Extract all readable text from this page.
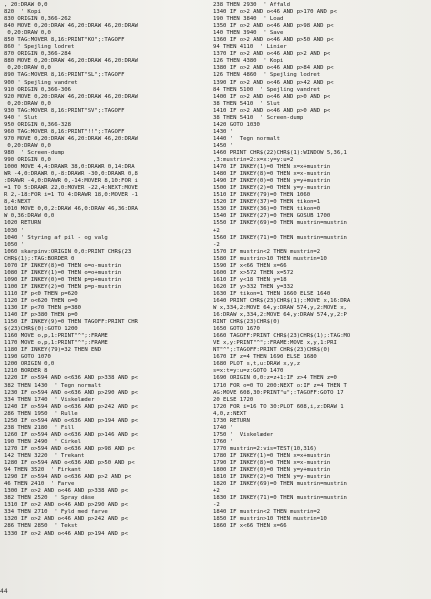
, 20:DRAW 0,0
820  ' Kopi
830 ORIGIN 0,366-262
840 MOVE 0,20:DRAW 46,20:DRAW 46,20:DRAW
0,20:DRAW 0,0
850 TAG:MOVER 8,16:PRINT"KO";:TAGOFF
860 ' Spejling lodret
870 ORIGIN 0,366-284
880 MOVE 0,20:DRAW 46,20:DRAW 46,20:DRAW
0,20:DRAW 0,0
890 TAG:MOVER 8,16:PRINT"SL";:TAGOFF
900 ' Spejling vandret
910 ORIGIN 0,366-306
920 MOVE 0,20:DRAW 46,20:DRAW 46,20:DRAW
0,20:DRAW 0,0
930 TAG:MOVER 8,16:PRINT"SV";:TAGOFF
940 ' Slut
950 ORIGIN 0,366-328
960 TAG:MOVER 8,16:PRINT"!!";:TAGOFF
970 MOVE 0,20:DRAW 46,20:DRAW 46,20:DRAW
0,20:DRAW 0,0
980  ' Screen-dump
990 ORIGIN 0,0
1000 MOVE 4,4:DRAWR 38,0:DRAWR 0,14:DRA
WR -4,0:DRAWR 0,-8:DRAWR -30,0:DRAWR 0,8
:DRAWR -4,0:DRAWR 0,-14:MOVER 8,10:FOR i
=1 TO 5:DRAWR 22,0:MOVER -22,4:NEXT:MOVE
R 2,-18:FOR i=1 TO 4:DRAWR 18,0:MOVER -1
8,4:NEXT
1010 MOVE 0,0,2:DRAW 46,0:DRAW 46,36:DRA
W 0,36:DRAW 0,0
1020 RETURN
1030 '
1040 ' Styring af pil - og valg
1050 '
1060 skarpinv:ORIGIN 0,0:PRINT CHR$(23
CHR$(1);:TAG:BORDER 0
1070 IF INKEY(8)=0 THEN o=o-mustrin
1080 IF INKEY(1)=0 THEN o=o+mustrin
1090 IF INKEY(0)=0 THEN p=p+mustrin
1100 IF INKEY(2)=0 THEN p=p-mustrin
1110 IF p<0 THEN p=620
1120 IF o<620 THEN o=0
1130 IF p<70 THEN p=380
1140 IF p>380 THEN p=0
1150 IF INKEY(9)=0 THEN TAGOFF:PRINT CHR
$(23)CHR$(0):GOTO 1200
1160 MOVE o,p,1:PRINT"^";:FRAME
1170 MOVE o,p,1:PRINT"^";:FRAME
1180 IF INKEY(79)=32 THEN END
1190 GOTO 1070
1200 ORIGIN 0,0
1210 BORDER 8
1220 IF o>594 AND o<636 AND p>338 AND p<
382 THEN 1430  ' Tegn normalt
1230 IF o>594 AND o<636 AND p>290 AND p<
334 THEN 1740  ' Viskelæder
1240 IF o>594 AND o<636 AND p>242 AND p<
286 THEN 1950  ' Rulle
1250 IF o>594 AND o<636 AND p>194 AND p<
238 THEN 2180  ' Fill
1260 IF o>594 AND o<636 AND p>146 AND p<
190 THEN 2490  ' Cirkel
1270 IF o>594 AND o<636 AND p>98 AND p<
142 THEN 3220  ' Trekant
1280 IF o>594 AND o<636 AND p>50 AND p<
94 THEN 3520  ' Firkant
1290 IF o>594 AND o<636 AND p>2 AND p<
46 THEN 2410  ' Farve
1300 IF o>2 AND o<46 AND p>338 AND p<
382 THEN 2520  ' Spray dåse
1310 IF o>2 AND o<46 AND p>290 AND p<
334 THEN 2710  ' Fyld med farve
1320 IF o>2 AND o<46 AND p>242 AND p<
286 THEN 2850  ' Tekst
1330 IF o>2 AND o<46 AND p>194 AND p<
238 THEN 2930  ' Affald
1340 IF o>2 AND o<46 AND p>170 AND p<
190 THEN 3840  ' Load
1350 IF o>2 AND o<46 AND p>98 AND p<
140 THEN 3940  ' Save
1360 IF o>2 AND o<46 AND p>50 AND p<
94 THEN 4110  ' Linier
1370 IF o>2 AND o<46 AND p>2 AND p<
126 THEN 4380  ' Kopi
1380 IF o>2 AND o<46 AND p>84 AND p<
126 THEN 4860  ' Spejling lodret
1390 IF o>2 AND o<46 AND p>42 AND p<
84 THEN 5100  ' Spejling vandret
1400 IF o>2 AND o<46 AND p>0 AND p<
38 THEN 5410  ' Slut
1410 IF o>2 AND o<46 AND p>0 AND p<
38 THEN 5410  ' Screen-dump
1420 GOTO 1030
1430 '
1440 '  Tegn normalt
1450 '
1460 PRINT CHR$(22)CHR$(1):WINDOW 5,36,1
,3:mustrin=2:x=x:y=y:u=2
1470 IF INKEY(1)=0 THEN x=x+mustrin
1480 IF INKEY(8)=0 THEN x=x-mustrin
1490 IF INKEY(0)=0 THEN y=y+mustrin
1500 IF INKEY(2)=0 THEN y=y-mustrin
1510 IF INKEY(79)=0 THEN 1060
1520 IF INKEY(37)=0 THEN tikon=1
1530 IF INKEY(36)=0 THEN tikon=0
1540 IF INKEY(27)=0 THEN GOSUB 1700
1550 IF INKEY(69)=0 THEN mustrin=mustrin
+2
1560 IF INKEY(71)=0 THEN mustrin=mustrin
-2
1570 IF mustrin<2 THEN mustrin=2
1580 IF mustrin>10 THEN mustrin=10
1590 IF x<66 THEN x=66
1600 IF x>572 THEN x=572
1610 IF y<18 THEN y=18
1620 IF y>332 THEN y=332
1630 IF tikon=1 THEN 1660 ELSE 1640
1640 PRINT CHR$(23)CHR$(1);:MOVE x,16:DRA
W x,334,2:MOVE 64,y:DRAW 574,y,2:MOVE x,
16:DRAW x,334,2:MOVE 64,y:DRAW 574,y,2:P
RINT CHR$(23)CHR$(0)
1650 GOTO 1670
1660 TAGOFF:PRINT CHR$(23)CHR$(1);:TAG:MO
VE x,y:PRINT"^";:FRAME:MOVE x,y,1:PRI
NT"^";:TAGOFF:PRINT CHR$(23)CHR$(0)
1670 IF z=4 THEN 1690 ELSE 1680
1680 PLOT s,t,u:DRAW x,y,z
s=x:t=y:u=z:GOTO 1470
1690 ORIGIN 0,0:z=z+1:IF z>4 THEN z=0
1710 FOR o=0 TO 200:NEXT o:IF z=4 THEN T
AG:MOVE 608,30:PRINT"u";:TAGOFF:GOTO 17
20 ELSE 1720
1720 FOR i=16 TO 30:PLOT 608,i,z:DRAW 1
4,0,z:NEXT
1730 RETURN
1740 '
1750 '  Viskelæder
1760 '
1770 mustrin=2:vis=TEST(10,316)
1780 IF INKEY(1)=0 THEN x=x+mustrin
1790 IF INKEY(8)=0 THEN x=x-mustrin
1800 IF INKEY(0)=0 THEN y=y+mustrin
1810 IF INKEY(2)=0 THEN y=y-mustrin
1820 IF INKEY(69)=0 THEN mustrin=mustrin
+2
1830 IF INKEY(71)=0 THEN mustrin=mustrin
-2
1840 IF mustrin<2 THEN mustrin=2
1850 IF mustrin>10 THEN mustrin=10
1860 IF x<66 THEN x=66
44
